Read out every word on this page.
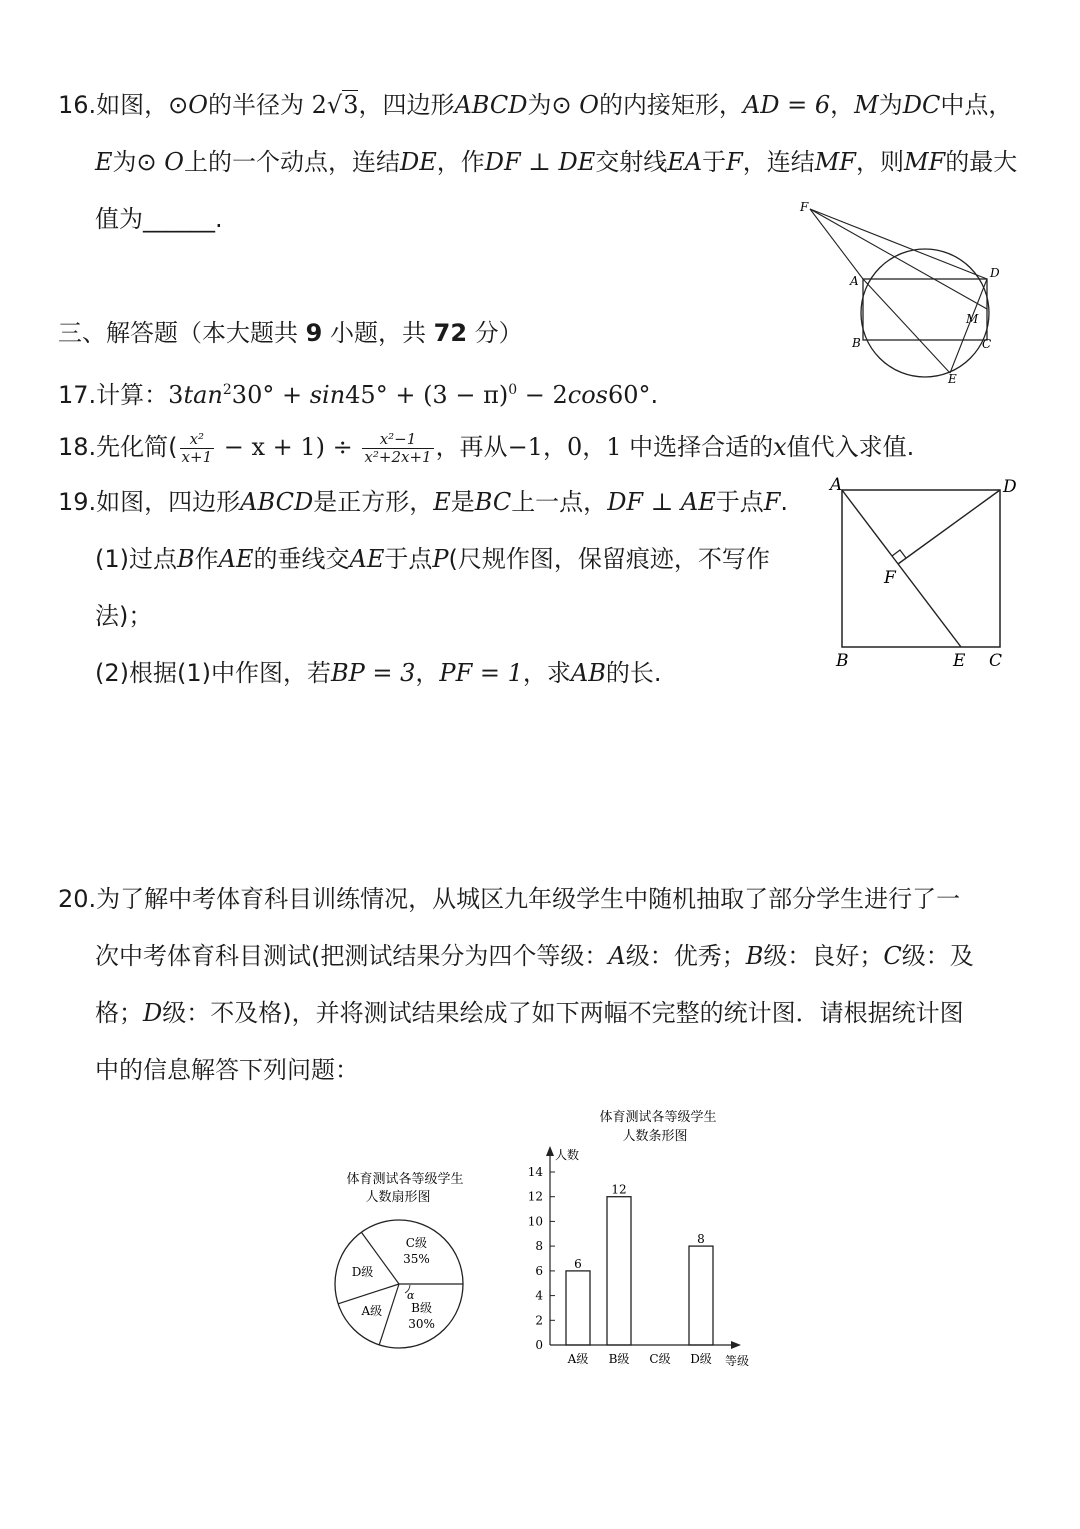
16.如图，⊙O的半径为 2√3，四边形ABCD为⊙ O的内接矩形，AD = 6，M为DC中点，
E为⊙ O上的一个动点，连结DE，作DF ⊥ DE交射线EA于F，连结MF，则MF的最大
值为______.	F
A
D
M
B	C
E
三、解答题（本大题共 9 小题，共 72 分）
17.计算：$3\tan^230^\circ + \sin 45^\circ + (3 - \pi)^0 - 2\cos 60^\circ$.
18.先化简( $\frac{\text{x²}}{x+1} - x + 1) \div \frac{\text{x²−1}}{\text{x²+2x+1}}$ ，再从−1，0，1 中选择合适的x值代入求值.
19.如图，四边形ABCD是正方形，E是BC上一点，DF ⊥ AE于点F.
(1)过点B作AE的垂线交AE于点P(尺规作图，保留痕迹，不写作
法)；
(2)根据(1)中作图，若BP = 3，PF = 1，求AB的长.
A	D
F
B	E C
20.为了解中考体育科目训练情况，从城区九年级学生中随机抽取了部分学生进行了一
次中考体育科目测试(把测试结果分为四个等级：A级：优秀；B级：良好；C级：及
格；D级：不及格)，并将测试结果绘成了如下两幅不完整的统计图．请根据统计图
中的信息解答下列问题：
体育测试各等级学生
人数扇形图
B级
30%
A级
D级
C级
35%
α
体育测试各等级学生
人数条形图
人数
等级
0
2
4
6
8
10
12
14
6
A级
12
B级 C级
8
D级
